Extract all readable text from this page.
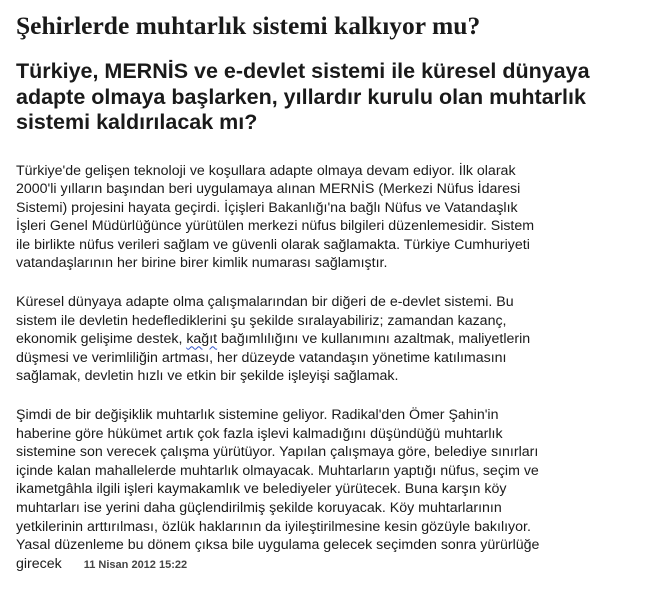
Şehirlerde muhtarlık sistemi kalkıyor mu?
Türkiye, MERNİS ve e-devlet sistemi ile küresel dünyaya
adapte olmaya başlarken, yıllardır kurulu olan muhtarlık
sistemi kaldırılacak mı?

Türkiye'de gelişen teknoloji ve koşullara adapte olmaya devam ediyor. İlk olarak
2000'li yılların başından beri uygulamaya alınan MERNİS (Merkezi Nüfus İdaresi
Sistemi) projesini hayata geçirdi. İçişleri Bakanlığı'na bağlı Nüfus ve Vatandaşlık
İşleri Genel Müdürlüğünce yürütülen merkezi nüfus bilgileri düzenlemesidir. Sistem
ile birlikte nüfus verileri sağlam ve güvenli olarak sağlamakta. Türkiye Cumhuriyeti
vatandaşlarının her birine birer kimlik numarası sağlamıştır.

Küresel dünyaya adapte olma çalışmalarından bir diğeri de e-devlet sistemi. Bu
sistem ile devletin hedeflediklerini şu şekilde sıralayabiliriz; zamandan kazanç,
ekonomik gelişime destek, kağıt bağımlılığını ve kullanımını azaltmak, maliyetlerin
düşmesi ve verimliliğin artması, her düzeyde vatandaşın yönetime katılımasını
sağlamak, devletin hızlı ve etkin bir şekilde işleyişi sağlamak.

Şimdi de bir değişiklik muhtarlık sistemine geliyor. Radikal'den Ömer Şahin'in
haberine göre hükümet artık çok fazla işlevi kalmadığını düşündüğü muhtarlık
sistemine son verecek çalışma yürütüyor. Yapılan çalışmaya göre, belediye sınırları
içinde kalan mahallelerde muhtarlık olmayacak. Muhtarların yaptığı nüfus, seçim ve
ikametgâhla ilgili işleri kaymakamlık ve belediyeler yürütecek. Buna karşın köy
muhtarları ise yerini daha güçlendirilmiş şekilde koruyacak. Köy muhtarlarının
yetkilerinin arttırılması, özlük haklarının da iyileştirilmesine kesin gözüyle bakılıyor.
Yasal düzenleme bu dönem çıksa bile uygulama gelecek seçimden sonra yürürlüğe
girecek 11 Nisan 2012 15:22
